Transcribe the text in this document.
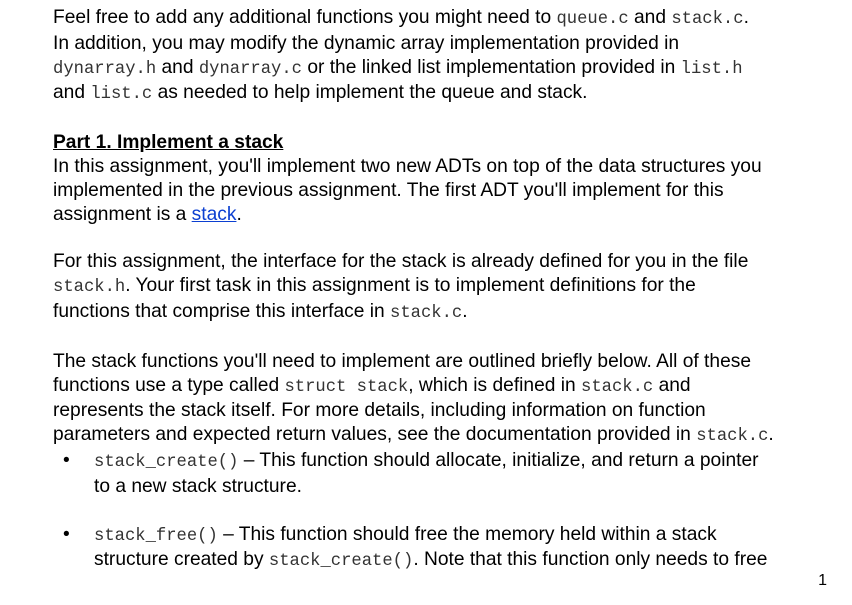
Feel free to add any additional functions you might need to queue.c and stack.c.

In addition, you may modify the dynamic array implementation provided in

dynarray.h and dynarray.c or the linked list implementation provided in list.h

and list.c as needed to help implement the queue and stack.

Part 1. Implement a stack

In this assignment, you'll implement two new ADTs on top of the data structures you

implemented in the previous assignment. The first ADT you'll implement for this

assignment is a stack.

For this assignment, the interface for the stack is already defined for you in the file

stack.h. Your first task in this assignment is to implement definitions for the

functions that comprise this interface in stack.c.

The stack functions you'll need to implement are outlined briefly below. All of these

functions use a type called struct stack, which is defined in stack.c and

represents the stack itself. For more details, including information on function

parameters and expected return values, see the documentation provided in stack.c.

• stack_create() – This function should allocate, initialize, and return a pointer

to a new stack structure.

• stack_free() – This function should free the memory held within a stack

structure created by stack_create(). Note that this function only needs to free

1
